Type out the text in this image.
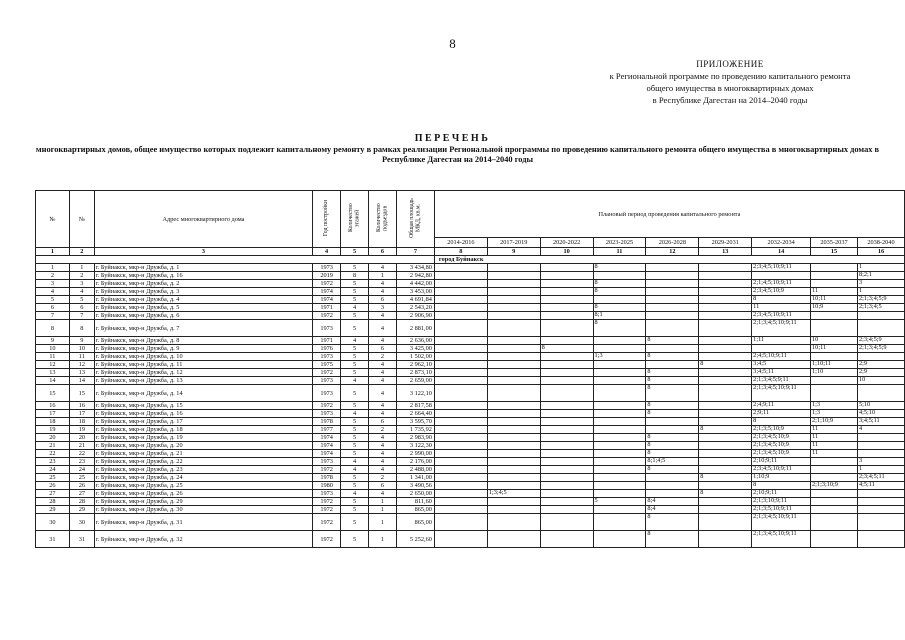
8
ПРИЛОЖЕНИЕ
к Региональной программе по проведению капитального ремонта
общего имущества в многоквартирных домах
в Республике Дагестан на 2014–2040 годы
ПЕРЕЧЕНЬ
многоквартирных домов, общее имущество которых подлежит капитальному ремонту в рамках реализации Региональной программы по проведению капитального ремонта общего имущества в многоквартирных домах в Республике Дагестан на 2014–2040 годы
№	№	Адрес многоквартирного дома	Год постройки	Количество этажей	Количество подъездов	Общая площадь МКД, кв.м.	Плановый период проведения капитального ремонта								
							2014-2016	2017-2019	2020-2022	2023-2025	2026-2028	2029-2031	2032-2034	2035-2037	2038-2040
1	2	3	4	5	6	7	8	9	10	11	12	13	14	15	16
							город Буйнакск								
1	1	г. Буйнакск, мкр-н Дружба, д. 1	1973	5	4	3 434,80				8			2;3;4;5;10;9;11		1
2	2	г. Буйнакск, мкр-н Дружба, д. 16	2019	8	1	2 942,80									8;2;1
3	3	г. Буйнакск, мкр-н Дружба, д. 2	1972	5	4	4 442,00				8			2;1;4;5;10;9;11		3
4	4	г. Буйнакск, мкр-н Дружба, д. 3	1974	5	4	3 453,00				8			2;3;4;5;10;9	11	1
5	5	г. Буйнакск, мкр-н Дружба, д. 4	1974	5	6	4 691,84							8	10;11	2;1;3;4;5;9
6	6	г. Буйнакск, мкр-н Дружба, д. 5	1971	4	3	2 543,20				8			11	10;9	2;1;3;4;5
7	7	г. Буйнакск, мкр-н Дружба, д. 6	1972	5	4	2 906,90				8;1			2;3;4;5;10;9;11		
8	8	г. Буйнакск, мкр-н Дружба, д. 7	1973	5	4	2 881,00				8			2;1;3;4;5;10;9;11		
9	9	г. Буйнакск, мкр-н Дружба, д. 8	1971	4	4	2 636,00					8		1;11	10	2;3;4;5;9
10	10	г. Буйнакск, мкр-н Дружба, д. 9	1976	5	6	3 425,00			8					10;11	2;1;3;4;5;9
11	11	г. Буйнакск, мкр-н Дружба, д. 10	1973	5	2	1 502,00				1;3	8		2;4;5;10;9;11		
12	12	г. Буйнакск, мкр-н Дружба, д. 11	1975	5	4	2 962,10						8	3;4;5	1;10;11	2;9
13	13	г. Буйнакск, мкр-н Дружба, д. 12	1972	5	4	2 873,10					8		3;4;5;11	1;10	2;9
14	14	г. Буйнакск, мкр-н Дружба, д. 13	1973	4	4	2 659,00					8		2;1;3;4;5;9;11		10
15	15	г. Буйнакск, мкр-н Дружба, д. 14	1973	5	4	3 122,10					8		2;1;3;4;5;10;9;11		
16	16	г. Буйнакск, мкр-н Дружба, д. 15	1972	5	4	2 817,58					8		2;4;9;11	1;3	5;10
17	17	г. Буйнакск, мкр-н Дружба, д. 16	1973	4	4	2 664,40					8		2;9;11	1;3	4;5;10
18	18	г. Буйнакск, мкр-н Дружба, д. 17	1978	5	6	3 595,70							8	2;1;10;9	3;4;5;11
19	19	г. Буйнакск, мкр-н Дружба, д. 18	1977	5	2	1 735,92						8	2;1;3;5;10;9	11	4
20	20	г. Буйнакск, мкр-н Дружба, д. 19	1974	5	4	2 983,90					8		2;1;3;4;5;10;9	11	
21	21	г. Буйнакск, мкр-н Дружба, д. 20	1974	5	4	3 122,30					8		2;1;3;4;5;10;9	11	
22	22	г. Буйнакск, мкр-н Дружба, д. 21	1974	5	4	2 990,00					8		2;1;3;4;5;10;9	11	
23	23	г. Буйнакск, мкр-н Дружба, д. 22	1973	4	4	2 176,00					8;1;4;5		2;10;9;11		3
24	24	г. Буйнакск, мкр-н Дружба, д. 23	1972	4	4	2 488,00					8		2;3;4;5;10;9;11		1
25	25	г. Буйнакск, мкр-н Дружба, д. 24	1978	5	2	1 341,00						8	1;10;9		2;3;4;5;11
26	26	г. Буйнакск, мкр-н Дружба, д. 25	1980	5	6	3 490,56							8	2;1;3;10;9	4;5;11
27	27	г. Буйнакск, мкр-н Дружба, д. 26	1973	4	4	2 650,00		1;3;4;5				8	2;10;9;11		
28	28	г. Буйнакск, мкр-н Дружба, д. 29	1972	5	1	811,60				5	8;4		2;1;3;10;9;11		
29	29	г. Буйнакск, мкр-н Дружба, д. 30	1972	5	1	865,00					8;4		2;1;3;5;10;9;11		
30	30	г. Буйнакск, мкр-н Дружба, д. 31	1972	5	1	865,00					8		2;1;3;4;5;10;9;11		
31	31	г. Буйнакск, мкр-н Дружба, д. 32	1972	5	1	5 252,60					8		2;1;3;4;5;10;9;11		
